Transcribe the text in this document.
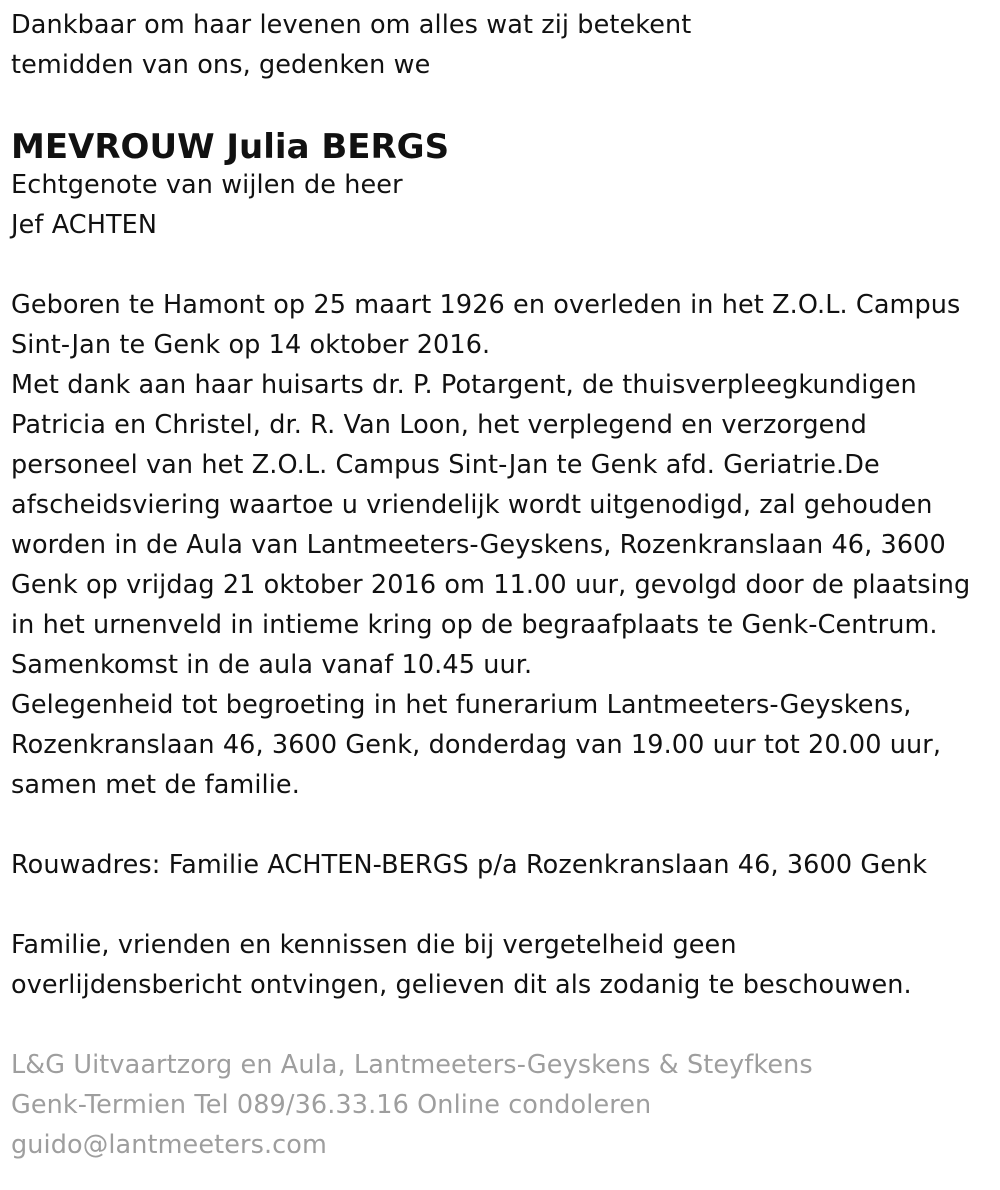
Dankbaar om haar levenen om alles wat zij betekent
temidden van ons, gedenken we
MEVROUW Julia BERGS
Echtgenote van wijlen de heer
Jef ACHTEN
Geboren te Hamont op 25 maart 1926 en overleden in het Z.O.L. Campus
Sint-Jan te Genk op 14 oktober 2016.
Met dank aan haar huisarts dr. P. Potargent, de thuisverpleegkundigen
Patricia en Christel, dr. R. Van Loon, het verplegend en verzorgend
personeel van het Z.O.L. Campus Sint-Jan te Genk afd. Geriatrie.De
afscheidsviering waartoe u vriendelijk wordt uitgenodigd, zal gehouden
worden in de Aula van Lantmeeters-Geyskens, Rozenkranslaan 46, 3600
Genk op vrijdag 21 oktober 2016 om 11.00 uur, gevolgd door de plaatsing
in het urnenveld in intieme kring op de begraafplaats te Genk-Centrum.
Samenkomst in de aula vanaf 10.45 uur.
Gelegenheid tot begroeting in het funerarium Lantmeeters-Geyskens,
Rozenkranslaan 46, 3600 Genk, donderdag van 19.00 uur tot 20.00 uur,
samen met de familie.
Rouwadres: Familie ACHTEN-BERGS p/a Rozenkranslaan 46, 3600 Genk
Familie, vrienden en kennissen die bij vergetelheid geen
overlijdensbericht ontvingen, gelieven dit als zodanig te beschouwen.
L&G Uitvaartzorg en Aula, Lantmeeters-Geyskens & Steyfkens
Genk-Termien Tel 089/36.33.16 Online condoleren
guido@lantmeeters.com
